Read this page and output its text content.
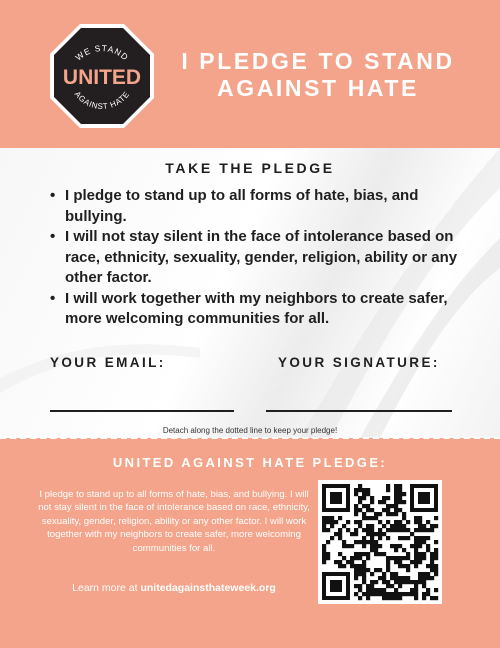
WE STAND
AGAINST HATE
UNITED
I PLEDGE TO STAND
AGAINST HATE
TAKE THE PLEDGE
• I pledge to stand up to all forms of hate, bias, and bullying.
• I will not stay silent in the face of intolerance based on race, ethnicity, sexuality, gender, religion, ability or any other factor.
• I will work together with my neighbors to create safer, more welcoming communities for all.
YOUR EMAIL:	YOUR SIGNATURE:
Detach along the dotted line to keep your pledge!
UNITED AGAINST HATE PLEDGE:
I pledge to stand up to all forms of hate, bias, and bullying. I will not stay silent in the face of intolerance based on race, ethnicity, sexuality, gender, religion, ability or any other factor. I will work together with my neighbors to create safer, more welcoming communities for all.
Learn more at unitedagainsthateweek.org
